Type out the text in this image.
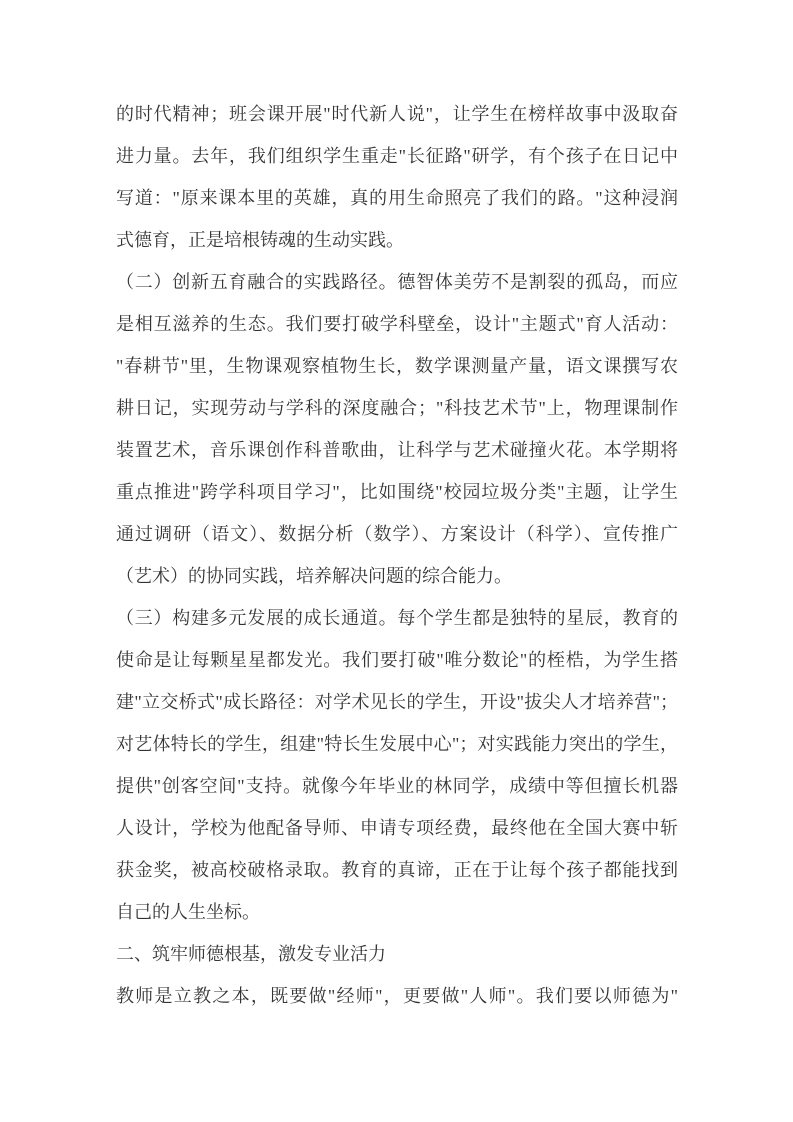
的时代精神；班会课开展"时代新人说"，让学生在榜样故事中汲取奋
进力量。去年，我们组织学生重走"长征路"研学，有个孩子在日记中
写道："原来课本里的英雄，真的用生命照亮了我们的路。"这种浸润
式德育，正是培根铸魂的生动实践。
（二）创新五育融合的实践路径。德智体美劳不是割裂的孤岛，而应
是相互滋养的生态。我们要打破学科壁垒，设计"主题式"育人活动：
"春耕节"里，生物课观察植物生长，数学课测量产量，语文课撰写农
耕日记，实现劳动与学科的深度融合；"科技艺术节"上，物理课制作
装置艺术，音乐课创作科普歌曲，让科学与艺术碰撞火花。本学期将
重点推进"跨学科项目学习"，比如围绕"校园垃圾分类"主题，让学生
通过调研（语文）、数据分析（数学）、方案设计（科学）、宣传推广
（艺术）的协同实践，培养解决问题的综合能力。
（三）构建多元发展的成长通道。每个学生都是独特的星辰，教育的
使命是让每颗星星都发光。我们要打破"唯分数论"的桎梏，为学生搭
建"立交桥式"成长路径：对学术见长的学生，开设"拔尖人才培养营"；
对艺体特长的学生，组建"特长生发展中心"；对实践能力突出的学生，
提供"创客空间"支持。就像今年毕业的林同学，成绩中等但擅长机器
人设计，学校为他配备导师、申请专项经费，最终他在全国大赛中斩
获金奖，被高校破格录取。教育的真谛，正在于让每个孩子都能找到
自己的人生坐标。
二、筑牢师德根基，激发专业活力
教师是立教之本，既要做"经师"，更要做"人师"。我们要以师德为"
